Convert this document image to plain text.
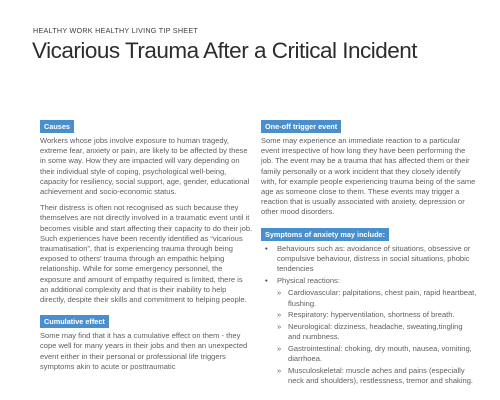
HEALTHY WORK HEALTHY LIVING TIP SHEET
Vicarious Trauma After a Critical Incident
Causes

Workers whose jobs involve exposure to human tragedy, extreme fear, anxiety or pain, are likely to be affected by these in some way. How they are impacted will vary depending on their individual style of coping, psychological well-being, capacity for resiliency, social support, age, gender, educational achievement and socio-economic status.

Their distress is often not recognised as such because they themselves are not directly involved in a traumatic event until it becomes visible and start affecting their capacity to do their job. Such experiences have been recently identified as “vicarious traumatisation”, that is experiencing trauma through being exposed to others’ trauma through an empathic helping relationship. While for some emergency personnel, the exposure and amount of empathy required is limited, there is an additional complexity and that is their inability to help directly, despite their skills and commitment to helping people.

Cumulative effect

Some may find that it has a cumulative effect on them - they cope well for many years in their jobs and then an unexpected event either in their personal or professional life triggers symptoms akin to acute or posttraumatic

One-off trigger event

Some may experience an immediate reaction to a particular event irrespective of how long they have been performing the job. The event may be a trauma that has affected them or their family personally or a work incident that they closely identify with, for example people experiencing trauma being of the same age as someone close to them. These events may trigger a reaction that is usually associated with anxiety, depression or other mood disorders.

Symptoms of anxiety may include:
• Behaviours such as: avoidance of situations, obsessive or compulsive behaviour, distress in social situations, phobic tendencies
• Physical reactions:
» Cardiovascular: palpitations, chest pain, rapid heartbeat, flushing.
» Respiratory: hyperventilation, shortness of breath.
» Neurological: dizziness, headache, sweating,tingling and numbness.
» Gastrointestinal: choking, dry mouth, nausea, vomiting, diarrhoea.
» Musculoskeletal: muscle aches and pains (especially neck and shoulders), restlessness, tremor and shaking.
